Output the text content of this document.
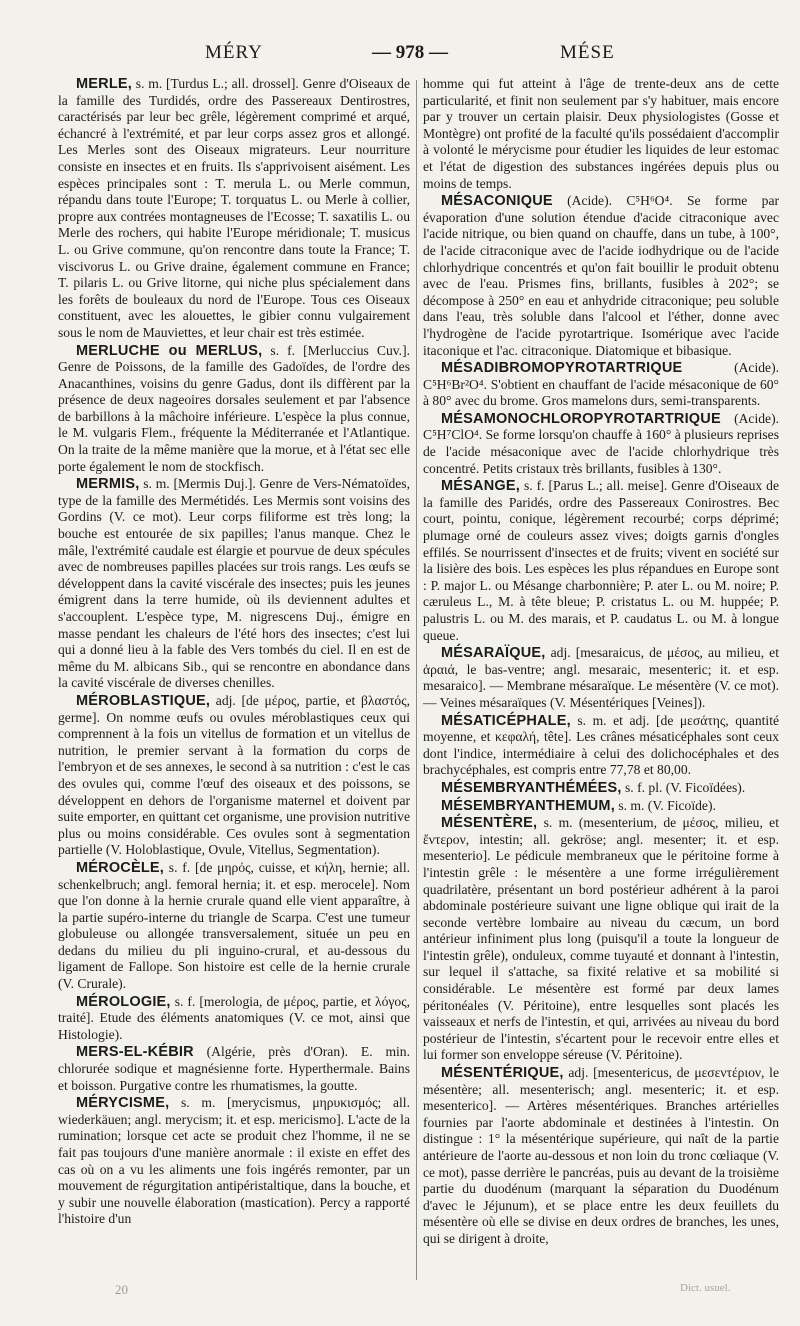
MÉRY	— 978 —	MÉSE

MERLE, s. m. [Turdus L.; all. drossel]. Genre d'Oiseaux de la famille des Turdidés, ordre des Passereaux Dentirostres, caractérisés par leur bec grêle, légèrement comprimé et arqué, échancré à l'extrémité, et par leur corps assez gros et allongé. Les Merles sont des Oiseaux migrateurs. Leur nourriture consiste en insectes et en fruits. Ils s'apprivoisent aisément. Les espèces principales sont : T. merula L. ou Merle commun, répandu dans toute l'Europe; T. torquatus L. ou Merle à collier, propre aux contrées montagneuses de l'Ecosse; T. saxatilis L. ou Merle des rochers, qui habite l'Europe méridionale; T. musicus L. ou Grive commune, qu'on rencontre dans toute la France; T. viscivorus L. ou Grive draine, également commune en France; T. pilaris L. ou Grive litorne, qui niche plus spécialement dans les forêts de bouleaux du nord de l'Europe. Tous ces Oiseaux constituent, avec les alouettes, le gibier connu vulgairement sous le nom de Mauviettes, et leur chair est très estimée.

MERLUCHE ou MERLUS, s. f. [Merluccius Cuv.]. Genre de Poissons, de la famille des Gadoïdes, de l'ordre des Anacanthines, voisins du genre Gadus, dont ils diffèrent par la présence de deux nageoires dorsales seulement et par l'absence de barbillons à la mâchoire inférieure. L'espèce la plus connue, le M. vulgaris Flem., fréquente la Méditerranée et l'Atlantique. On la traite de la même manière que la morue, et à l'état sec elle porte également le nom de stockfisch.

MERMIS, s. m. [Mermis Duj.]. Genre de Vers-Nématoïdes, type de la famille des Mermétidés. Les Mermis sont voisins des Gordins (V. ce mot). Leur corps filiforme est très long; la bouche est entourée de six papilles; l'anus manque. Chez le mâle, l'extrémité caudale est élargie et pourvue de deux spécules avec de nombreuses papilles placées sur trois rangs. Les œufs se développent dans la cavité viscérale des insectes; puis les jeunes émigrent dans la terre humide, où ils deviennent adultes et s'accouplent. L'espèce type, M. nigrescens Duj., émigre en masse pendant les chaleurs de l'été hors des insectes; c'est lui qui a donné lieu à la fable des Vers tombés du ciel. Il en est de même du M. albicans Sib., qui se rencontre en abondance dans la cavité viscérale de diverses chenilles.

MÉROBLASTIQUE, adj. [de μέρος, partie, et βλαστός, germe]. On nomme œufs ou ovules méroblastiques ceux qui comprennent à la fois un vitellus de formation et un vitellus de nutrition, le premier servant à la formation du corps de l'embryon et de ses annexes, le second à sa nutrition : c'est le cas des ovules qui, comme l'œuf des oiseaux et des poissons, se développent en dehors de l'organisme maternel et doivent par suite emporter, en quittant cet organisme, une provision nutritive plus ou moins considérable. Ces ovules sont à segmentation partielle (V. Holoblastique, Ovule, Vitellus, Segmentation).

MÉROCÈLE, s. f. [de μηρός, cuisse, et κήλη, hernie; all. schenkelbruch; angl. femoral hernia; it. et esp. merocele]. Nom que l'on donne à la hernie crurale quand elle vient apparaître, à la partie supéro-interne du triangle de Scarpa. C'est une tumeur globuleuse ou allongée transversalement, située un peu en dedans du milieu du pli inguino-crural, et au-dessous du ligament de Fallope. Son histoire est celle de la hernie crurale (V. Crurale).

MÉROLOGIE, s. f. [merologia, de μέρος, partie, et λόγος, traité]. Etude des éléments anatomiques (V. ce mot, ainsi que Histologie).

MERS-EL-KÉBIR (Algérie, près d'Oran). E. min. chlorurée sodique et magnésienne forte. Hyperthermale. Bains et boisson. Purgative contre les rhumatismes, la goutte.

MÉRYCISME, s. m. [merycismus, μηρυκισμός; all. wiederkäuen; angl. merycism; it. et esp. mericismo]. L'acte de la rumination; lorsque cet acte se produit chez l'homme, il ne se fait pas toujours d'une manière anormale : il existe en effet des cas où on a vu les aliments une fois ingérés remonter, par un mouvement de régurgitation antipéristaltique, dans la bouche, et y subir une nouvelle élaboration (mastication). Percy a rapporté l'histoire d'un

homme qui fut atteint à l'âge de trente-deux ans de cette particularité, et finit non seulement par s'y habituer, mais encore par y trouver un certain plaisir. Deux physiologistes (Gosse et Montègre) ont profité de la faculté qu'ils possédaient d'accomplir à volonté le mérycisme pour étudier les liquides de leur estomac et l'état de digestion des substances ingérées depuis plus ou moins de temps.

MÉSACONIQUE (Acide). C⁵H⁶O⁴. Se forme par évaporation d'une solution étendue d'acide citraconique avec l'acide nitrique, ou bien quand on chauffe, dans un tube, à 100°, de l'acide citraconique avec de l'acide iodhydrique ou de l'acide chlorhydrique concentrés et qu'on fait bouillir le produit obtenu avec de l'eau. Prismes fins, brillants, fusibles à 202°; se décompose à 250° en eau et anhydride citraconique; peu soluble dans l'eau, très soluble dans l'alcool et l'éther, donne avec l'hydrogène de l'acide pyrotartrique. Isomérique avec l'acide itaconique et l'ac. citraconique. Diatomique et bibasique.

MÉSADIBROMOPYROTARTRIQUE	(Acide). C⁵H⁶Br²O⁴. S'obtient en chauffant de l'acide mésaconique de 60° à 80° avec du brome. Gros mamelons durs, semi-transparents.

MÉSAMONOCHLOROPYROTARTRIQUE (Acide). C⁵H⁷ClO⁴. Se forme lorsqu'on chauffe à 160° à plusieurs reprises de l'acide mésaconique avec de l'acide chlorhydrique très concentré. Petits cristaux très brillants, fusibles à 130°.

MÉSANGE, s. f. [Parus L.; all. meise]. Genre d'Oiseaux de la famille des Paridés, ordre des Passereaux Conirostres. Bec court, pointu, conique, légèrement recourbé; corps déprimé; plumage orné de couleurs assez vives; doigts garnis d'ongles effilés. Se nourrissent d'insectes et de fruits; vivent en société sur la lisière des bois. Les espèces les plus répandues en Europe sont : P. major L. ou Mésange charbonnière; P. ater L. ou M. noire; P. cæruleus L., M. à tête bleue; P. cristatus L. ou M. huppée; P. palustris L. ou M. des marais, et P. caudatus L. ou M. à longue queue.

MÉSARAÏQUE, adj. [mesaraicus, de μέσος, au milieu, et ἀραιά, le bas-ventre; angl. mesaraic, mesenteric; it. et esp. mesaraico]. — Membrane mésaraïque. Le mésentère (V. ce mot). — Veines mésaraïques (V. Mésentériques [Veines]).

MÉSATICÉPHALE, s. m. et adj. [de μεσάτης, quantité moyenne, et κεφαλή, tête]. Les crânes mésaticéphales sont ceux dont l'indice, intermédiaire à celui des dolichocéphales et des brachycéphales, est compris entre 77,78 et 80,00.

MÉSEMBRYANTHÉMÉES, s. f. pl. (V. Ficoïdées).

MÉSEMBRYANTHEMUM, s. m. (V. Ficoïde).

MÉSENTÈRE, s. m. (mesenterium, de μέσος, milieu, et ἔντερον, intestin; all. gekröse; angl. mesenter; it. et esp. mesenterio]. Le pédicule membraneux que le péritoine forme à l'intestin grêle : le mésentère a une forme irrégulièrement quadrilatère, présentant un bord postérieur adhérent à la paroi abdominale postérieure suivant une ligne oblique qui irait de la seconde vertèbre lombaire au niveau du cæcum, un bord antérieur infiniment plus long (puisqu'il a toute la longueur de l'intestin grêle), onduleux, comme tuyauté et donnant à l'intestin, sur lequel il s'attache, sa fixité relative et sa mobilité si considérable. Le mésentère est formé par deux lames péritonéales (V. Péritoine), entre lesquelles sont placés les vaisseaux et nerfs de l'intestin, et qui, arrivées au niveau du bord postérieur de l'intestin, s'écartent pour le recevoir entre elles et lui former son enveloppe séreuse (V. Péritoine).

MÉSENTÉRIQUE, adj. [mesentericus, de μεσεντέριον, le mésentère; all. mesenterisch; angl. mesenteric; it. et esp. mesenterico]. — Artères mésentériques. Branches artérielles fournies par l'aorte abdominale et destinées à l'intestin. On distingue : 1° la mésentérique supérieure, qui naît de la partie antérieure de l'aorte au-dessous et non loin du tronc cœliaque (V. ce mot), passe derrière le pancréas, puis au devant de la troisième partie du duodénum (marquant la séparation du Duodénum d'avec le Jéjunum), et se place entre les deux feuillets du mésentère où elle se divise en deux ordres de branches, les unes, qui se dirigent à droite,

20	Dict. usuel.
